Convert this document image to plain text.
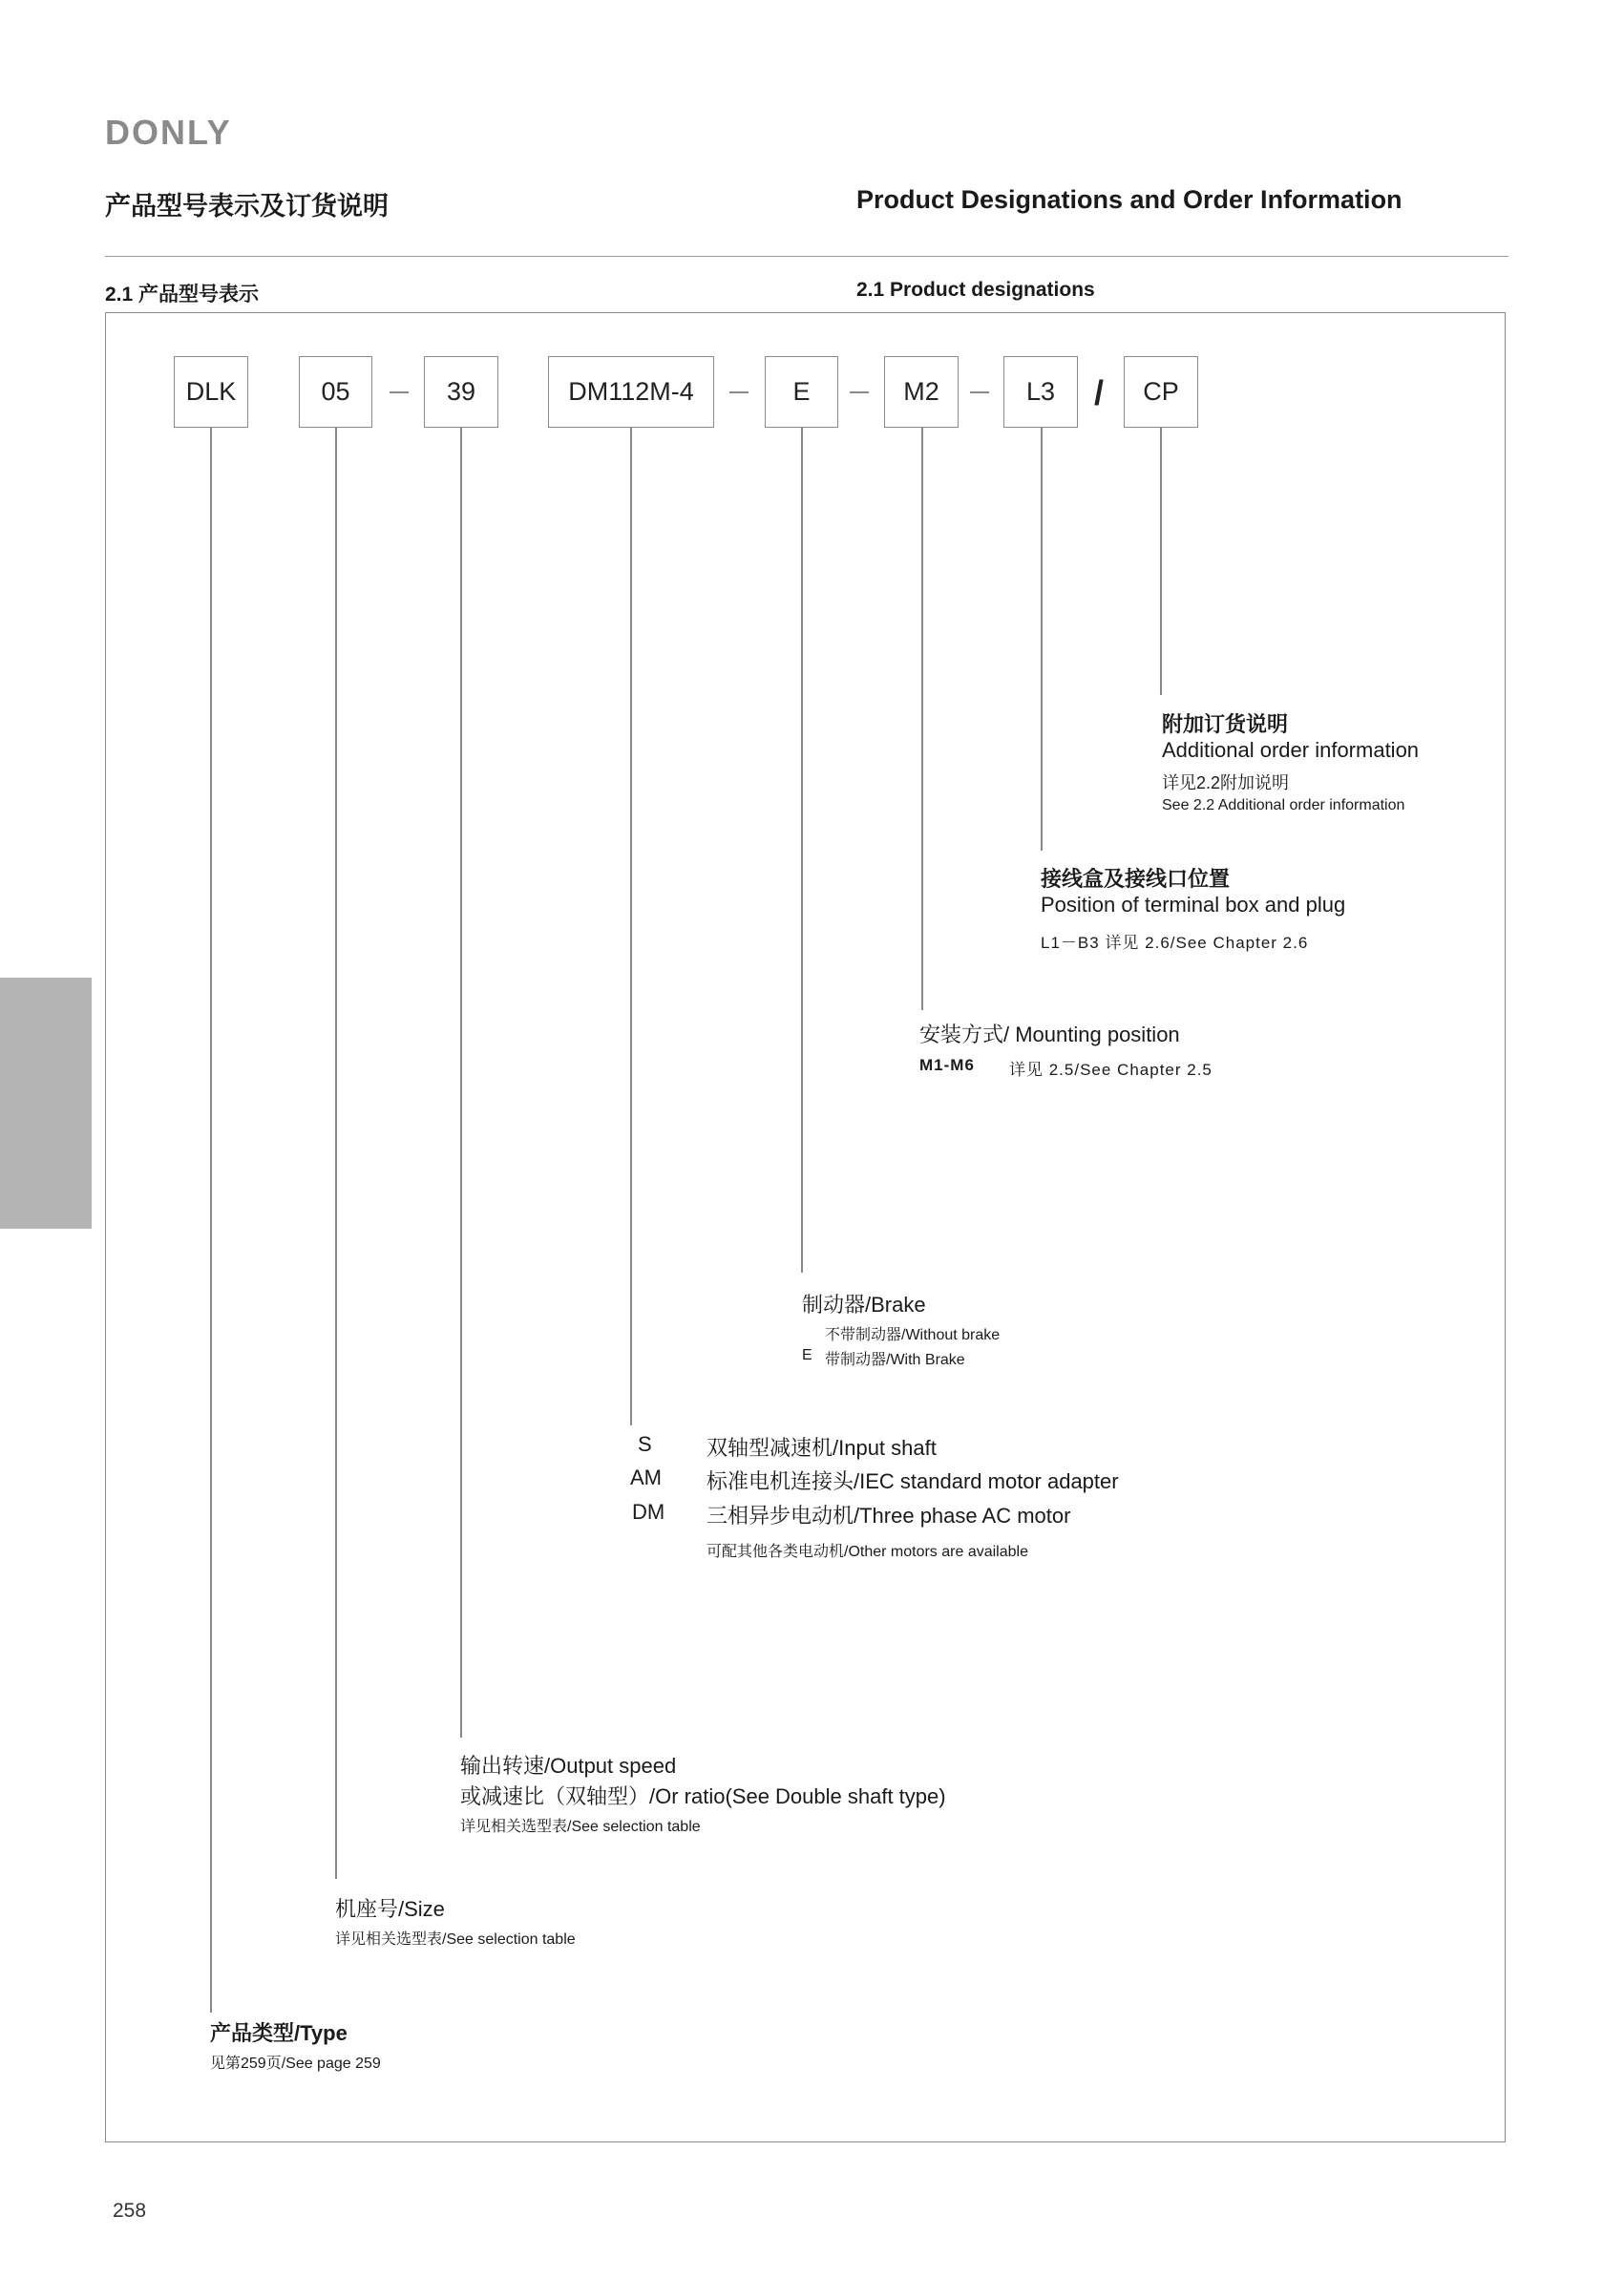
DONLY
产品型号表示及订货说明	Product Designations and Order Information
2.1 产品型号表示	2.1 Product designations
DLK	05	39	DM112M-4	E	M2	L3	/	CP
附加订货说明
Additional order information
详见2.2附加说明
See 2.2 Additional order information
接线盒及接线口位置
Position of terminal box and plug
L1－B3 详见 2.6/See Chapter 2.6
安装方式/ Mounting position
M1-M6 详见 2.5/See Chapter 2.5
制动器/Brake
不带制动器/Without brake
E 带制动器/With Brake
S	双轴型减速机/Input shaft
AM 标准电机连接头/IEC standard motor adapter
DM 三相异步电动机/Three phase AC motor
可配其他各类电动机/Other motors are available
输出转速/Output speed
或减速比（双轴型）/Or ratio(See Double shaft type)
详见相关选型表/See selection table
机座号/Size
详见相关选型表/See selection table
产品类型/Type
见第259页/See page 259
258
